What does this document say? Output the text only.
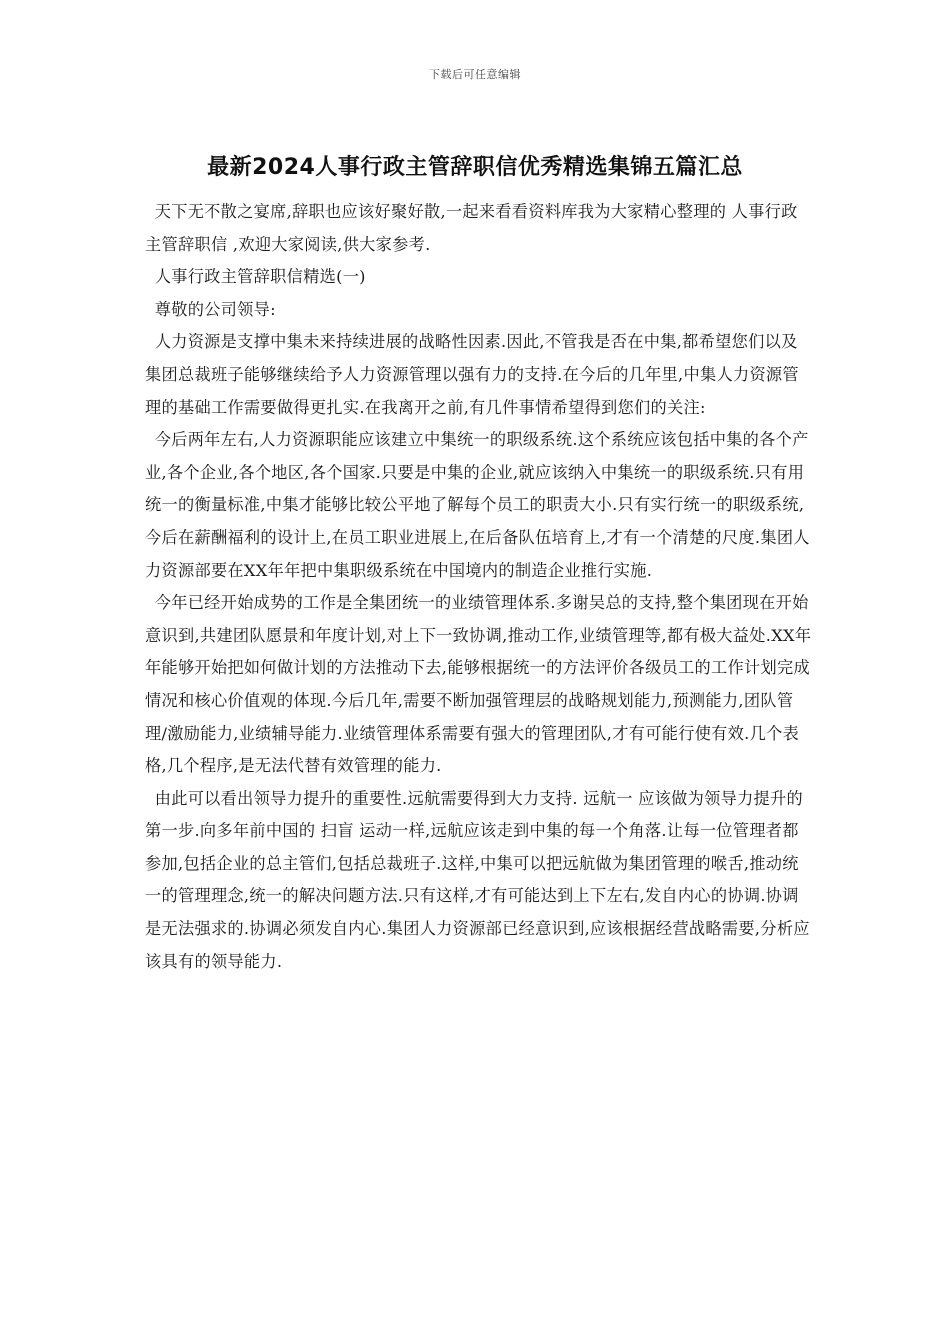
下载后可任意编辑
最新2024人事行政主管辞职信优秀精选集锦五篇汇总

天下无不散之宴席,辞职也应该好聚好散,一起来看看资料库我为大家精心整理的 人事行政主管辞职信 ,欢迎大家阅读,供大家参考.

人事行政主管辞职信精选(一)

尊敬的公司领导:

人力资源是支撑中集未来持续进展的战略性因素.因此,不管我是否在中集,都希望您们以及集团总裁班子能够继续给予人力资源管理以强有力的支持.在今后的几年里,中集人力资源管理的基础工作需要做得更扎实.在我离开之前,有几件事情希望得到您们的关注:

今后两年左右,人力资源职能应该建立中集统一的职级系统.这个系统应该包括中集的各个产业,各个企业,各个地区,各个国家.只要是中集的企业,就应该纳入中集统一的职级系统.只有用统一的衡量标准,中集才能够比较公平地了解每个员工的职责大小.只有实行统一的职级系统,今后在薪酬福利的设计上,在员工职业进展上,在后备队伍培育上,才有一个清楚的尺度.集团人力资源部要在XX年年把中集职级系统在中国境内的制造企业推行实施.

今年已经开始成势的工作是全集团统一的业绩管理体系.多谢吴总的支持,整个集团现在开始意识到,共建团队愿景和年度计划,对上下一致协调,推动工作,业绩管理等,都有极大益处.XX年年能够开始把如何做计划的方法推动下去,能够根据统一的方法评价各级员工的工作计划完成情况和核心价值观的体现.今后几年,需要不断加强管理层的战略规划能力,预测能力,团队管理/激励能力,业绩辅导能力.业绩管理体系需要有强大的管理团队,才有可能行使有效.几个表格,几个程序,是无法代替有效管理的能力.

由此可以看出领导力提升的重要性.远航需要得到大力支持. 远航一 应该做为领导力提升的第一步.向多年前中国的 扫盲 运动一样,远航应该走到中集的每一个角落.让每一位管理者都参加,包括企业的总主管们,包括总裁班子.这样,中集可以把远航做为集团管理的喉舌,推动统一的管理理念,统一的解决问题方法.只有这样,才有可能达到上下左右,发自内心的协调.协调是无法强求的.协调必须发自内心.集团人力资源部已经意识到,应该根据经营战略需要,分析应该具有的领导能力.
